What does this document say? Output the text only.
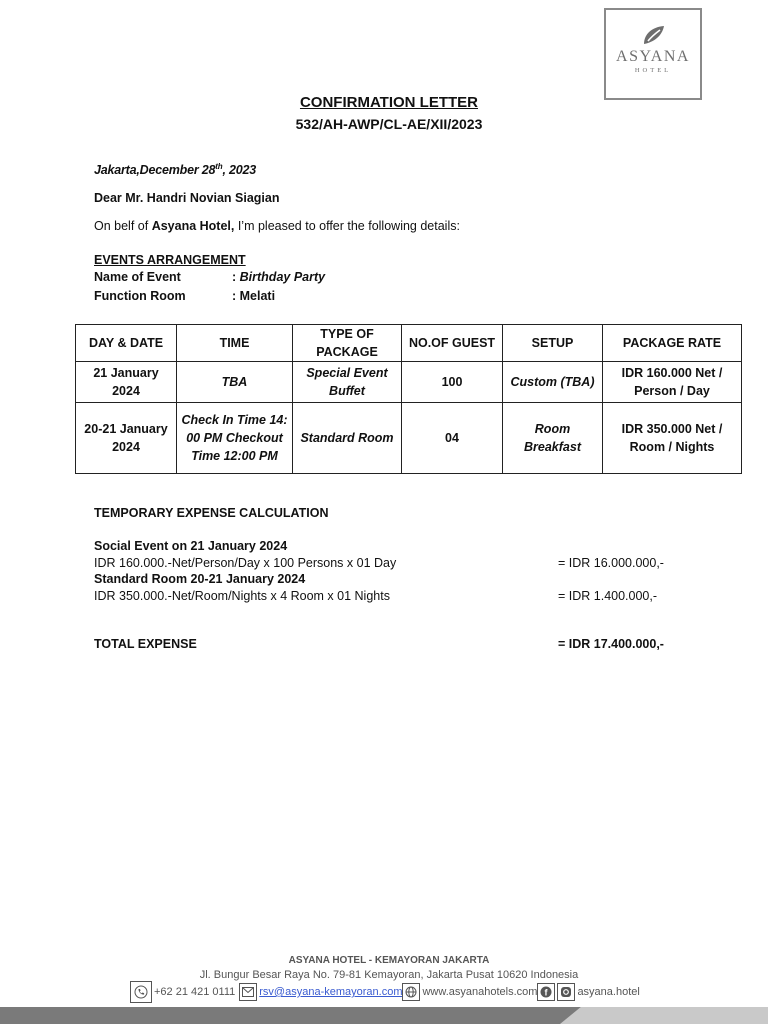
ASYANA
HOTEL
CONFIRMATION LETTER
532/AH-AWP/CL-AE/XII/2023
Jakarta,December 28th, 2023
Dear Mr. Handri Novian Siagian
On belf of Asyana Hotel, I’m pleased to offer the following details:
EVENTS ARRANGEMENT
Name of Event	: Birthday Party
Function Room	: Melati
DAY & DATE	TIME	TYPE OF PACKAGE	NO.OF GUEST	SETUP	PACKAGE RATE
21 January 2024	TBA	Special Event Buffet	100	Custom (TBA)	IDR 160.000 Net / Person / Day
20-21 January 2024	Check In Time 14: 00 PM Checkout Time 12:00 PM	Standard Room	04	Room Breakfast	IDR 350.000 Net / Room / Nights
TEMPORARY EXPENSE CALCULATION
Social Event on 21 January 2024
IDR 160.000.-Net/Person/Day x 100 Persons x 01 Day	= IDR 16.000.000,-
Standard Room 20-21 January 2024
IDR 350.000.-Net/Room/Nights x 4 Room x 01 Nights	= IDR 1.400.000,-
TOTAL EXPENSE	= IDR 17.400.000,-
ASYANA HOTEL - KEMAYORAN JAKARTA
Jl. Bungur Besar Raya No. 79-81 Kemayoran, Jakarta Pusat 10620 Indonesia
+62 21 421 0111 rsv@asyana-kemayoran.com www.asyanahotels.com f	asyana.hotel
